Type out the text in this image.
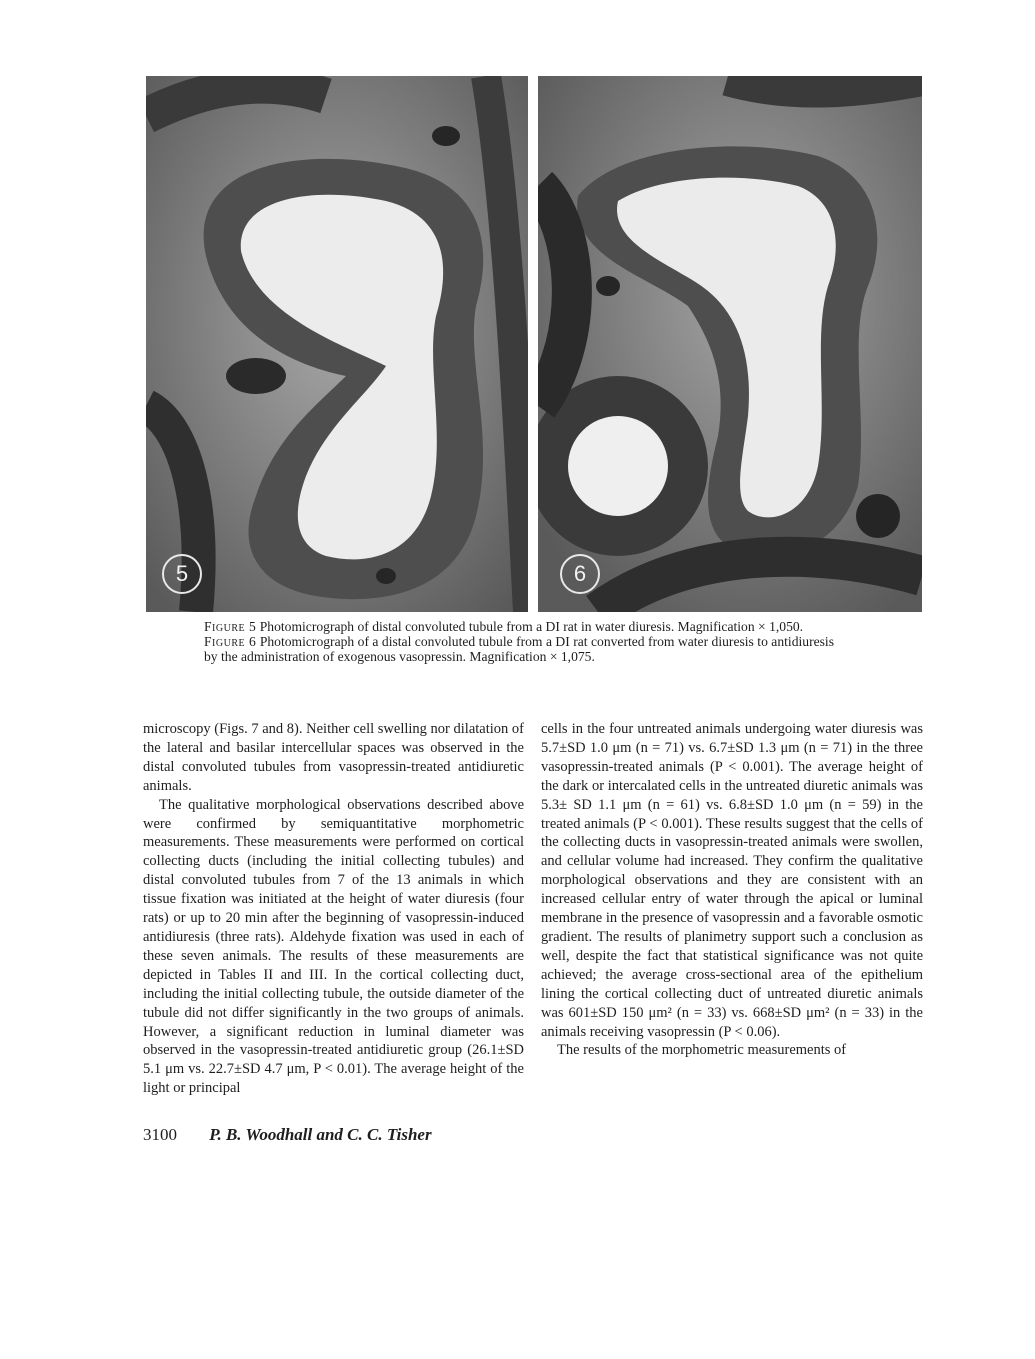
5	6

Figure 5 Photomicrograph of distal convoluted tubule from a DI rat in water diuresis. Magnification × 1,050.

Figure 6 Photomicrograph of a distal convoluted tubule from a DI rat converted from water diuresis to antidiuresis by the administration of exogenous vasopressin. Magnification × 1,075.

microscopy (Figs. 7 and 8). Neither cell swelling nor dilatation of the lateral and basilar intercellular spaces was observed in the distal convoluted tubules from vasopressin-treated antidiuretic animals.

The qualitative morphological observations described above were confirmed by semiquantitative morphometric measurements. These measurements were performed on cortical collecting ducts (including the initial collecting tubules) and distal convoluted tubules from 7 of the 13 animals in which tissue fixation was initiated at the height of water diuresis (four rats) or up to 20 min after the beginning of vasopressin-induced antidiuresis (three rats). Aldehyde fixation was used in each of these seven animals. The results of these measurements are depicted in Tables II and III. In the cortical collecting duct, including the initial collecting tubule, the outside diameter of the tubule did not differ significantly in the two groups of animals. However, a significant reduction in luminal diameter was observed in the vasopressin-treated antidiuretic group (26.1±SD 5.1 μm vs. 22.7±SD 4.7 μm, P < 0.01). The average height of the light or principal

cells in the four untreated animals undergoing water diuresis was 5.7±SD 1.0 μm (n = 71) vs. 6.7±SD 1.3 μm (n = 71) in the three vasopressin-treated animals (P < 0.001). The average height of the dark or intercalated cells in the untreated diuretic animals was 5.3± SD 1.1 μm (n = 61) vs. 6.8±SD 1.0 μm (n = 59) in the treated animals (P < 0.001). These results suggest that the cells of the collecting ducts in vasopressin-treated animals were swollen, and cellular volume had increased. They confirm the qualitative morphological observations and they are consistent with an increased cellular entry of water through the apical or luminal membrane in the presence of vasopressin and a favorable osmotic gradient. The results of planimetry support such a conclusion as well, despite the fact that statistical significance was not quite achieved; the average cross-sectional area of the epithelium lining the cortical collecting duct of untreated diuretic animals was 601±SD 150 μm² (n = 33) vs. 668±SD μm² (n = 33) in the animals receiving vasopressin (P < 0.06).

The results of the morphometric measurements of

3100 P. B. Woodhall and C. C. Tisher
